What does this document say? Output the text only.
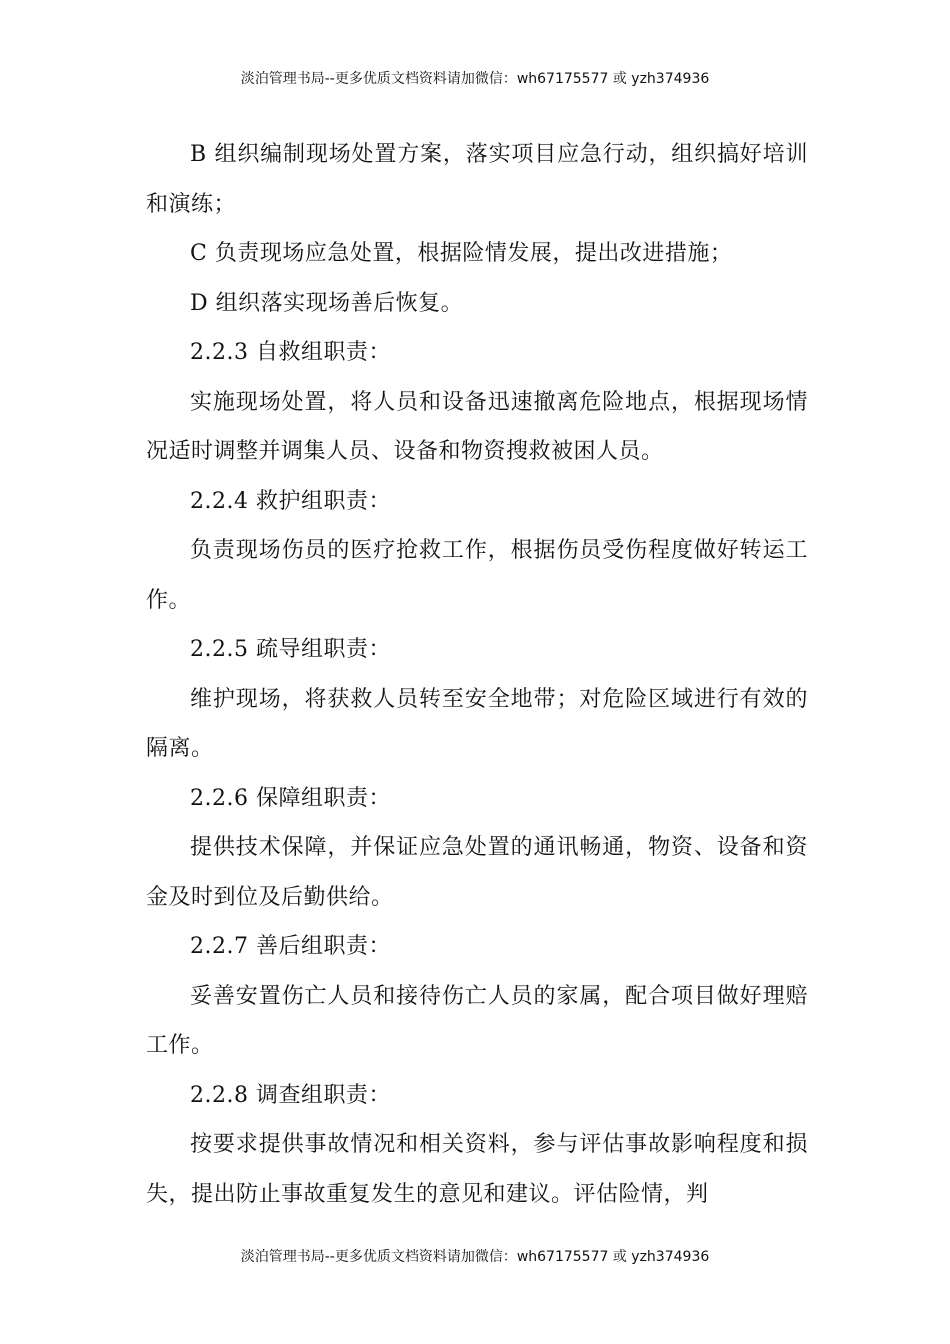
淡泊管理书局--更多优质文档资料请加微信：wh67175577 或 yzh374936

B 组织编制现场处置方案，落实项目应急行动，组织搞好培训和演练；

C 负责现场应急处置，根据险情发展，提出改进措施；

D 组织落实现场善后恢复。

2.2.3 自救组职责：

实施现场处置，将人员和设备迅速撤离危险地点，根据现场情况适时调整并调集人员、设备和物资搜救被困人员。

2.2.4 救护组职责：

负责现场伤员的医疗抢救工作，根据伤员受伤程度做好转运工作。

2.2.5 疏导组职责：

维护现场，将获救人员转至安全地带；对危险区域进行有效的隔离。

2.2.6 保障组职责：

提供技术保障，并保证应急处置的通讯畅通，物资、设备和资金及时到位及后勤供给。

2.2.7 善后组职责：

妥善安置伤亡人员和接待伤亡人员的家属，配合项目做好理赔工作。

2.2.8 调查组职责：

按要求提供事故情况和相关资料，参与评估事故影响程度和损失，提出防止事故重复发生的意见和建议。评估险情，判

淡泊管理书局--更多优质文档资料请加微信：wh67175577 或 yzh374936
